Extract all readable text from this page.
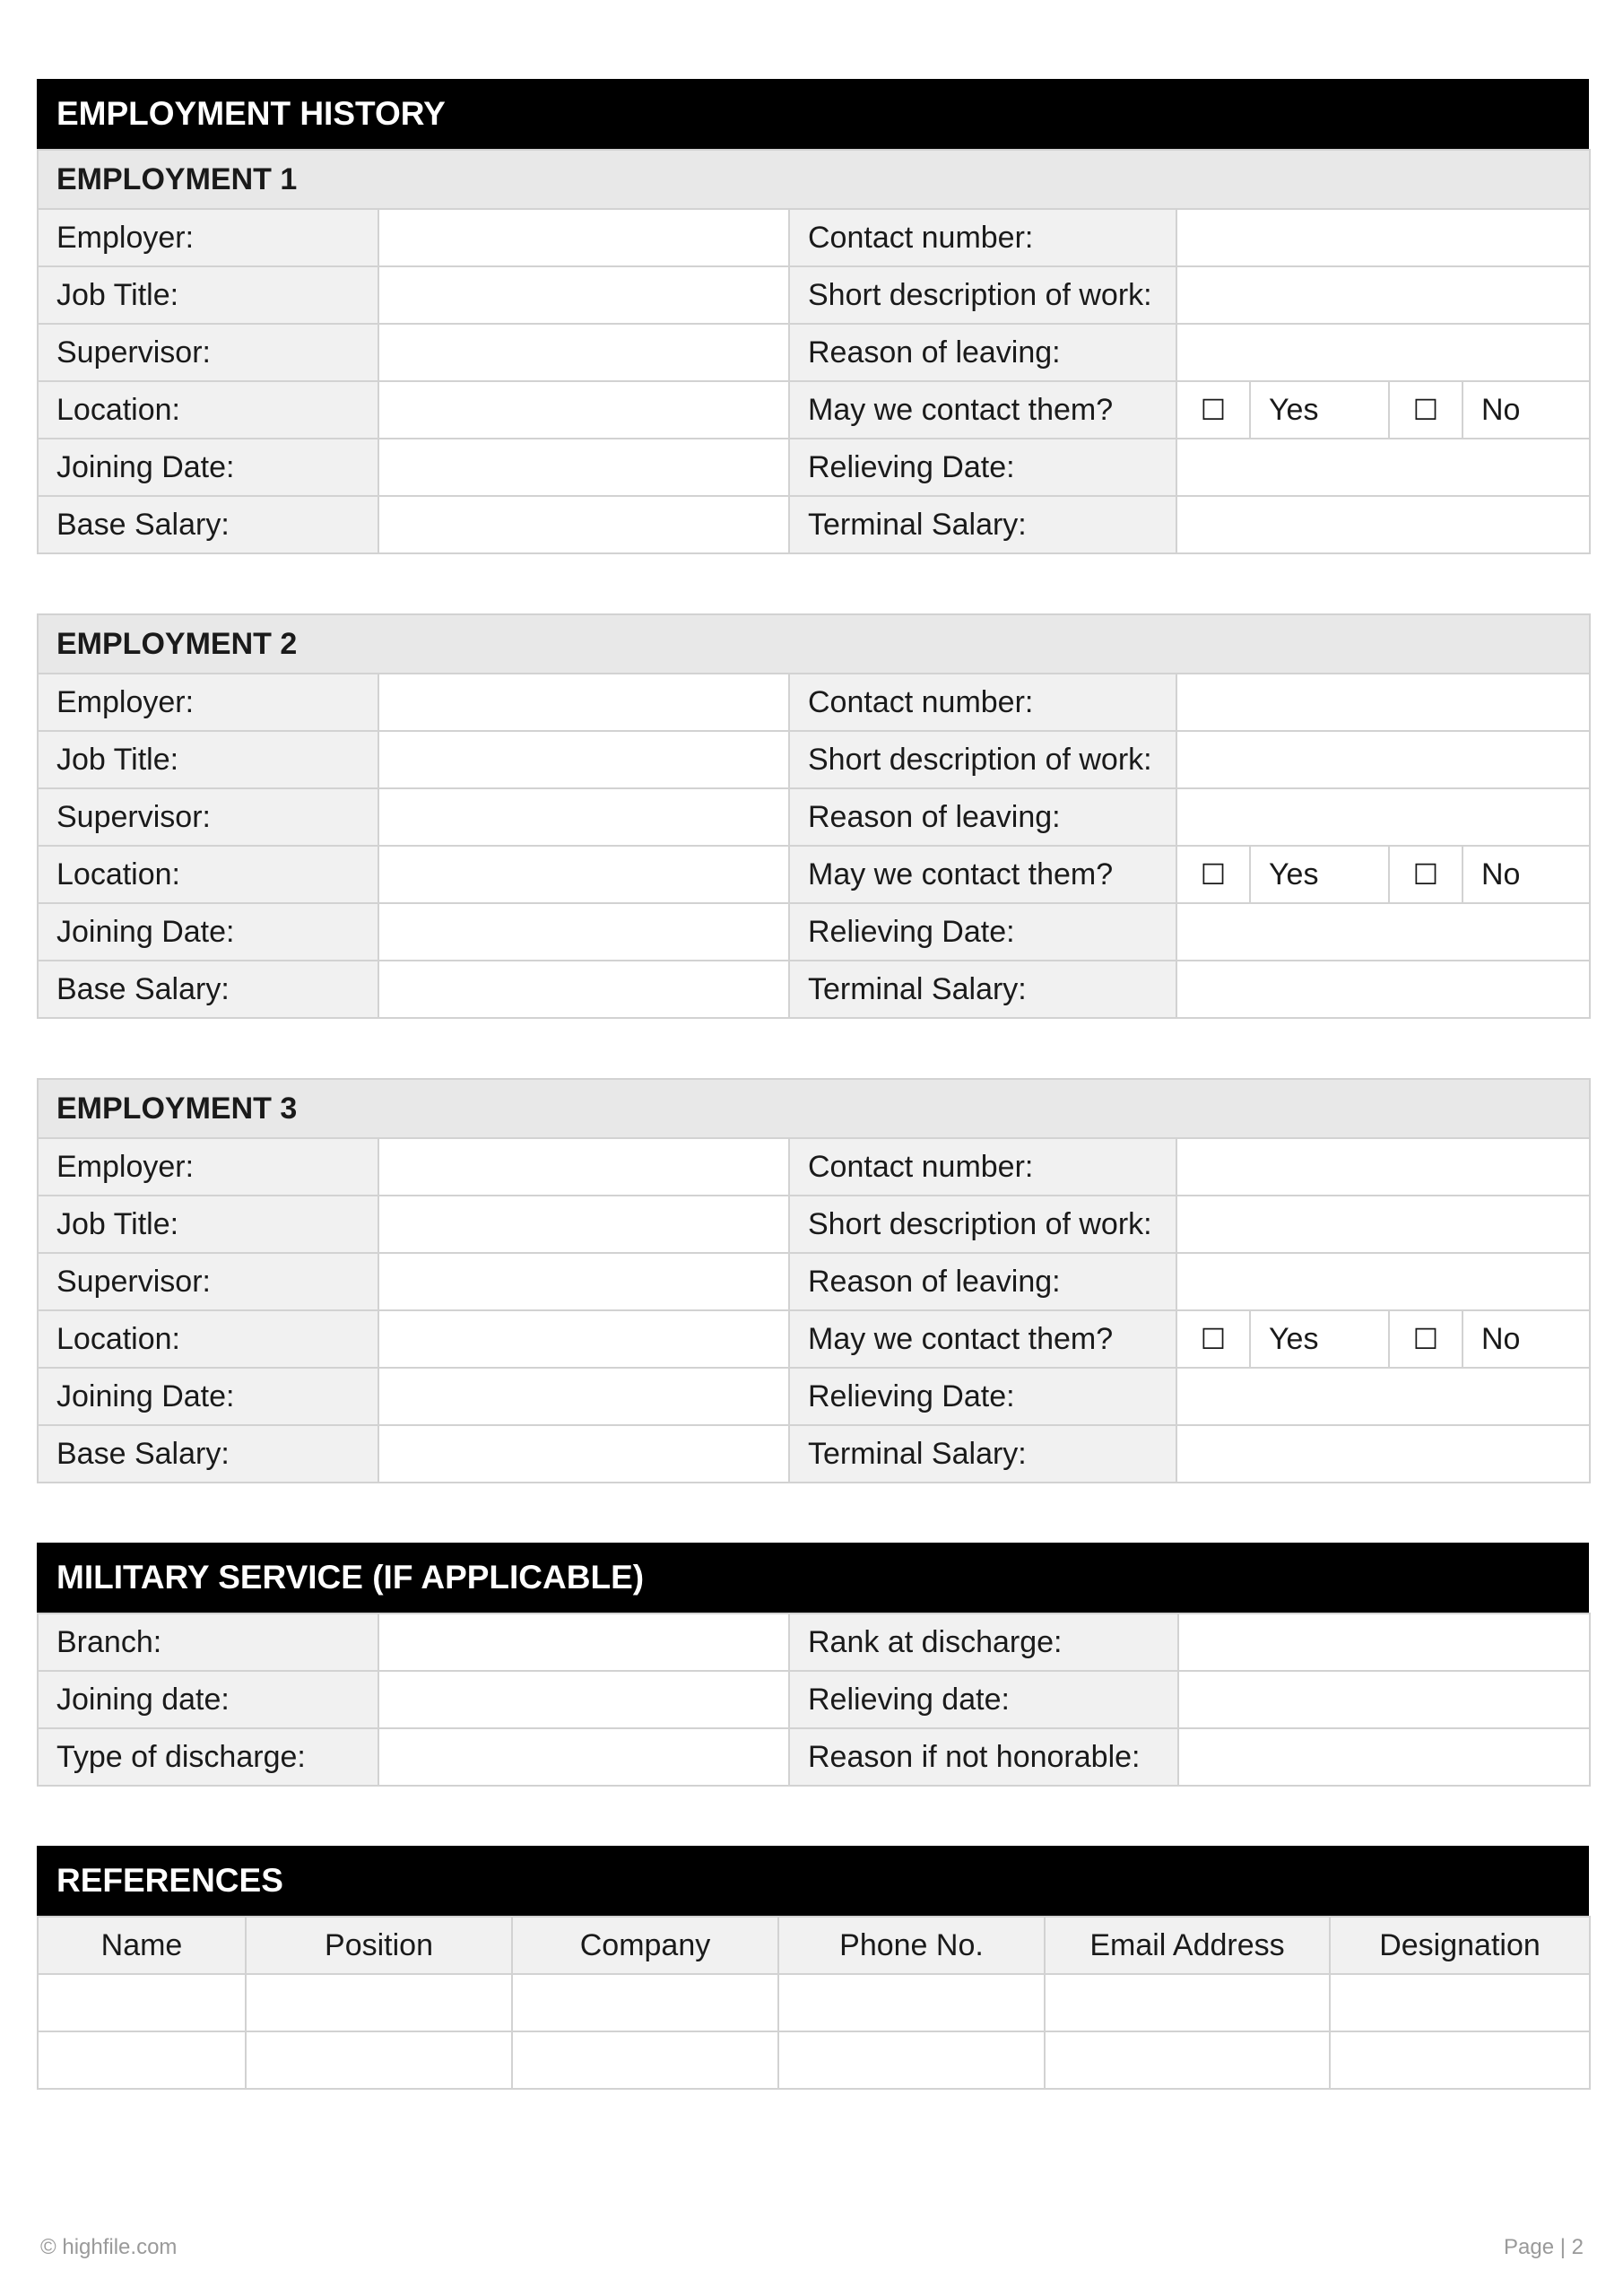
EMPLOYMENT HISTORY
EMPLOYMENT 1						
Employer:		Contact number:				
Job Title:		Short description of work:				
Supervisor:		Reason of leaving:				
Location:		May we contact them?	☐	Yes	☐	No
Joining Date:		Relieving Date:				
Base Salary:		Terminal Salary:				
EMPLOYMENT 2						
Employer:		Contact number:				
Job Title:		Short description of work:				
Supervisor:		Reason of leaving:				
Location:		May we contact them?	☐	Yes	☐	No
Joining Date:		Relieving Date:				
Base Salary:		Terminal Salary:				
EMPLOYMENT 3						
Employer:		Contact number:				
Job Title:		Short description of work:				
Supervisor:		Reason of leaving:				
Location:		May we contact them?	☐	Yes	☐	No
Joining Date:		Relieving Date:				
Base Salary:		Terminal Salary:				
MILITARY SERVICE (IF APPLICABLE)
Branch:		Rank at discharge:	
Joining date:		Relieving date:	
Type of discharge:		Reason if not honorable:	
REFERENCES
Name	Position	Company	Phone No.	Email Address	Designation

© highfile.com	Page | 2
